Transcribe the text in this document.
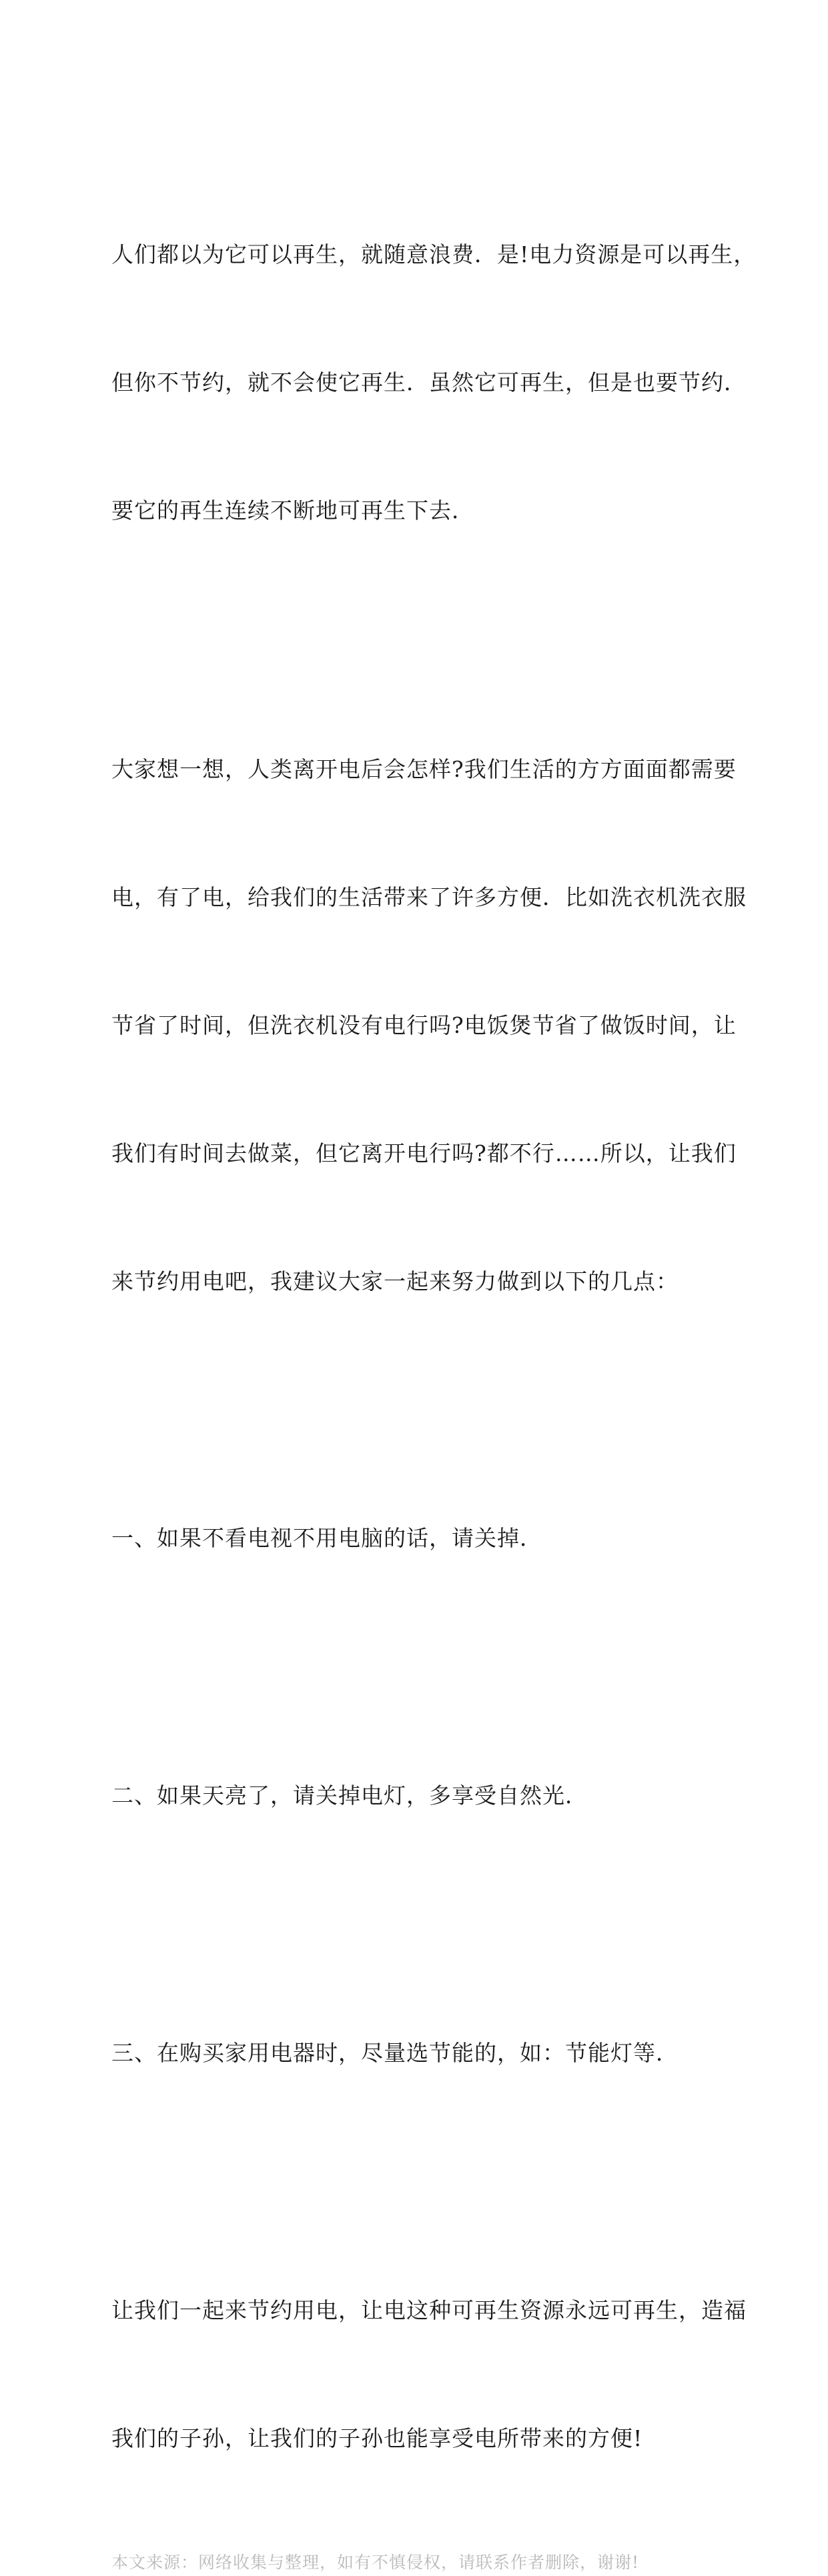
人们都以为它可以再生，就随意浪费．是!电力资源是可以再生，

但你不节约，就不会使它再生．虽然它可再生，但是也要节约．

要它的再生连续不断地可再生下去．

大家想一想，人类离开电后会怎样?我们生活的方方面面都需要

电，有了电，给我们的生活带来了许多方便．比如洗衣机洗衣服

节省了时间，但洗衣机没有电行吗?电饭煲节省了做饭时间，让

我们有时间去做菜，但它离开电行吗?都不行……所以，让我们

来节约用电吧，我建议大家一起来努力做到以下的几点：

一、如果不看电视不用电脑的话，请关掉．

二、如果天亮了，请关掉电灯，多享受自然光．

三、在购买家用电器时，尽量选节能的，如：节能灯等．

让我们一起来节约用电，让电这种可再生资源永远可再生，造福

我们的子孙，让我们的子孙也能享受电所带来的方便!

本文来源：网络收集与整理，如有不慎侵权，请联系作者删除，谢谢!
